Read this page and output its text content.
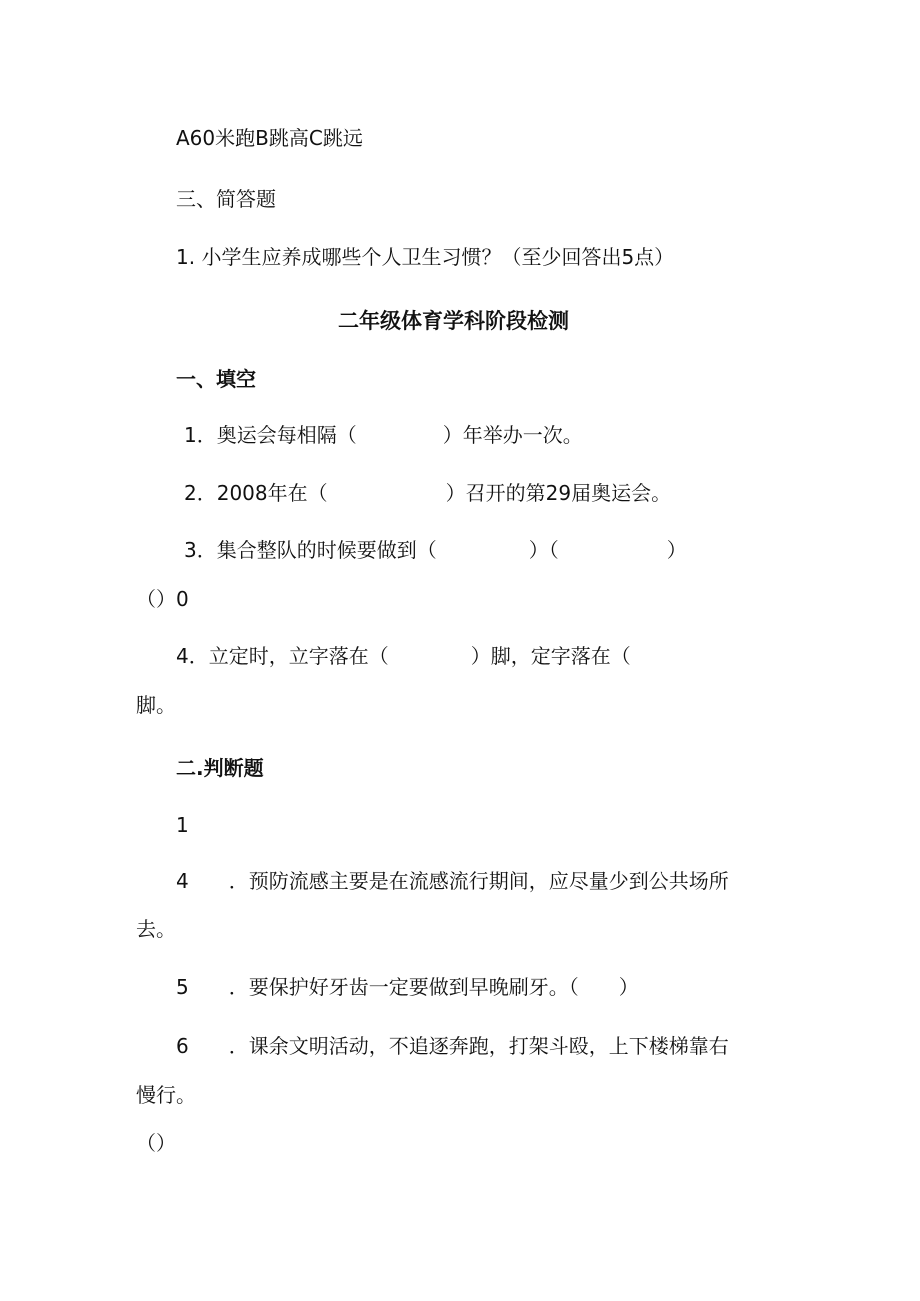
A60米跑B跳高C跳远
三、简答题
1. 小学生应养成哪些个人卫生习惯？（至少回答出5点）
二年级体育学科阶段检测
一、填空
1．奥运会每相隔（	）年举办一次。
2．2008年在（	）召开的第29届奥运会。
3．集合整队的时候要做到（	）（	）
（）0
4．立定时，立字落在（	）脚，定字落在（
脚。
二.判断题
1
4 ．预防流感主要是在流感流行期间，应尽量少到公共场所
去。
5 ．要保护好牙齿一定要做到早晚刷牙。（　　）
6 ．课余文明活动，不追逐奔跑，打架斗殴，上下楼梯靠右
慢行。
（）
